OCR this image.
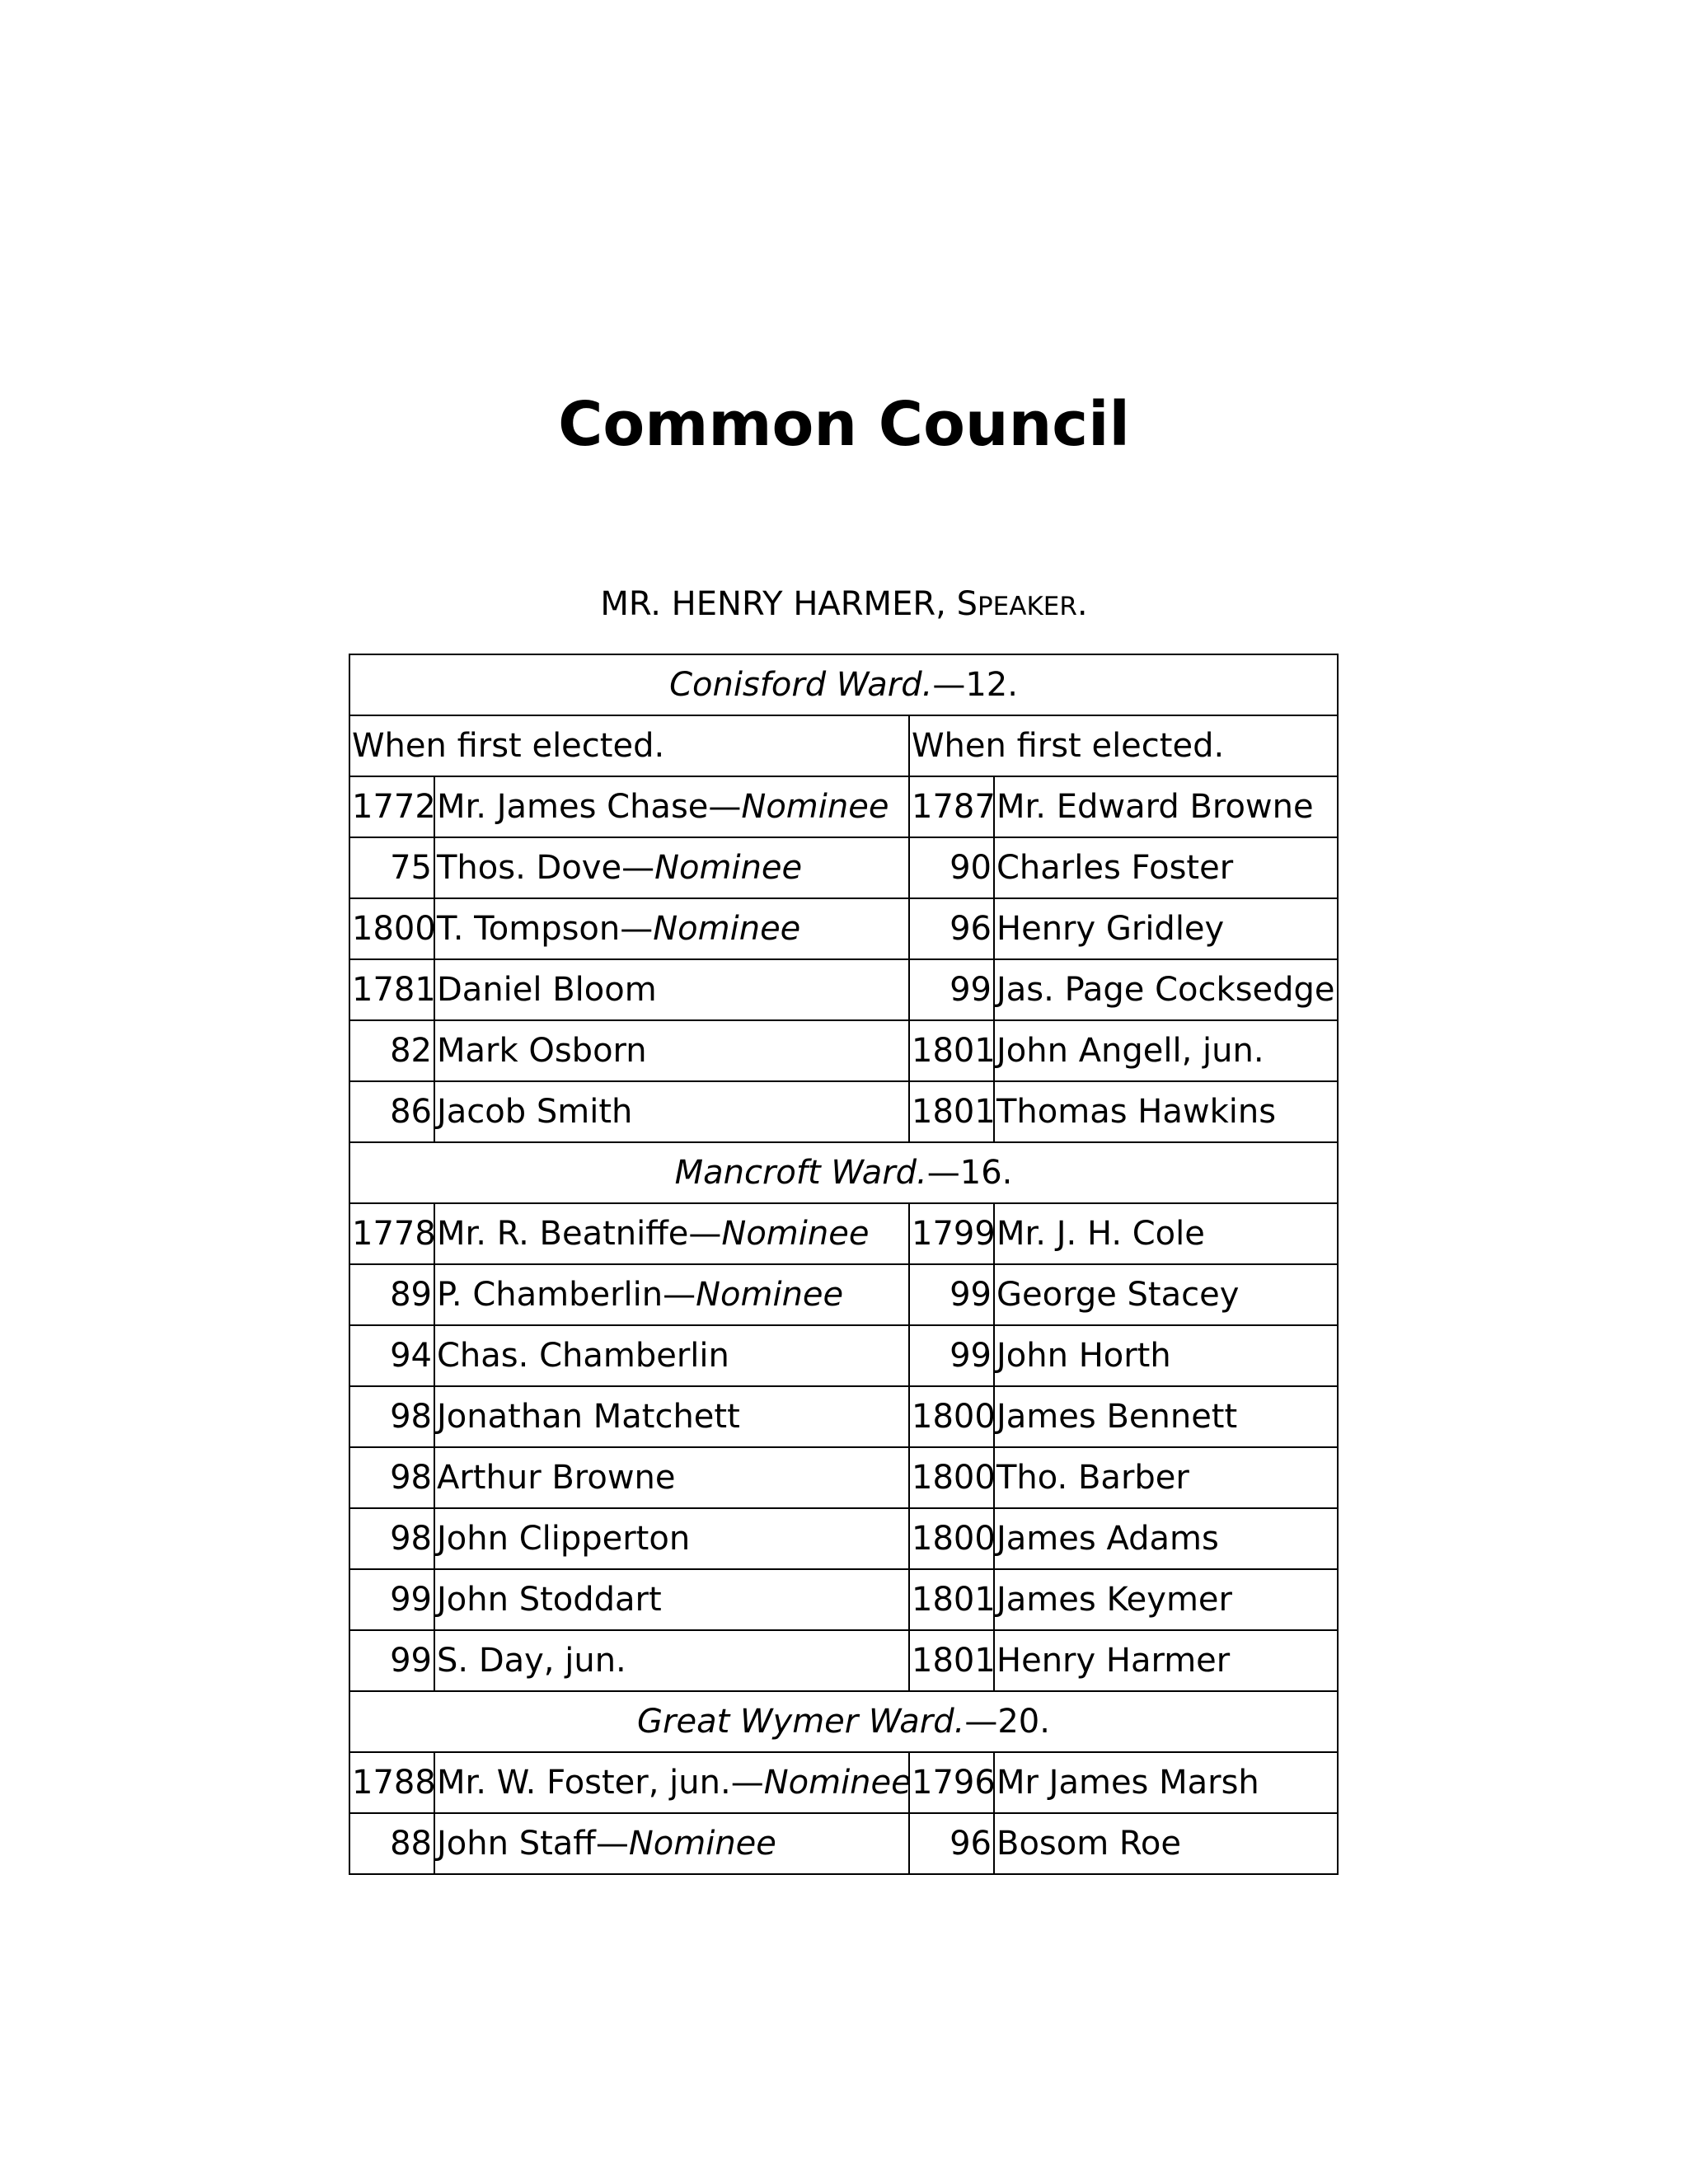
Common Council

MR. HENRY HARMER, SPEAKER.

Conisford Ward.—12.			
When first elected.		When first elected.	
1772	Mr. James Chase—Nominee	1787	Mr. Edward Browne
75	Thos. Dove—Nominee	90	Charles Foster
1800	T. Tompson—Nominee	96	Henry Gridley
1781	Daniel Bloom	99	Jas. Page Cocksedge
82	Mark Osborn	1801	John Angell, jun.
86	Jacob Smith	1801	Thomas Hawkins
Mancroft Ward.—16.			
1778	Mr. R. Beatniffe—Nominee	1799	Mr. J. H. Cole
89	P. Chamberlin—Nominee	99	George Stacey
94	Chas. Chamberlin	99	John Horth
98	Jonathan Matchett	1800	James Bennett
98	Arthur Browne	1800	Tho. Barber
98	John Clipperton	1800	James Adams
99	John Stoddart	1801	James Keymer
99	S. Day, jun.	1801	Henry Harmer
Great Wymer Ward.—20.			
1788	Mr. W. Foster, jun.—Nominee	1796	Mr James Marsh
88	John Staff—Nominee	96	Bosom Roe
